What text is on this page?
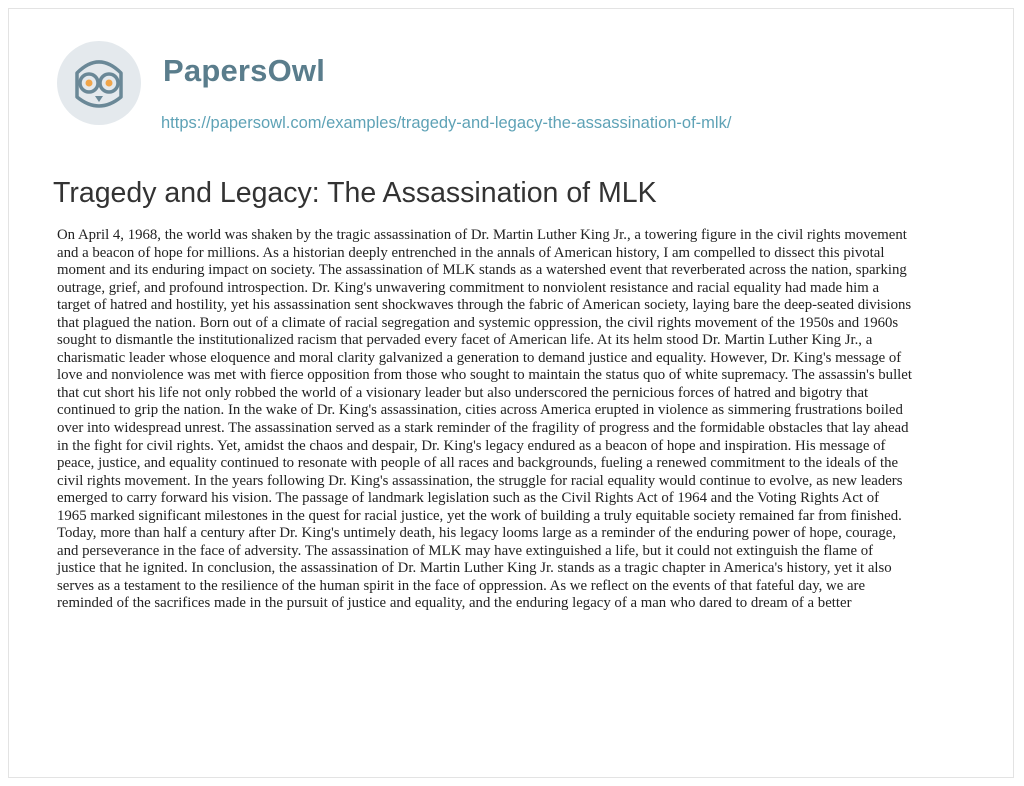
PapersOwl
https://papersowl.com/examples/tragedy-and-legacy-the-assassination-of-mlk/
Tragedy and Legacy: The Assassination of MLK
On April 4, 1968, the world was shaken by the tragic assassination of Dr. Martin Luther King Jr., a towering figure in the civil rights movement
and a beacon of hope for millions. As a historian deeply entrenched in the annals of American history, I am compelled to dissect this pivotal
moment and its enduring impact on society. The assassination of MLK stands as a watershed event that reverberated across the nation, sparking
outrage, grief, and profound introspection. Dr. King's unwavering commitment to nonviolent resistance and racial equality had made him a
target of hatred and hostility, yet his assassination sent shockwaves through the fabric of American society, laying bare the deep-seated divisions
that plagued the nation. Born out of a climate of racial segregation and systemic oppression, the civil rights movement of the 1950s and 1960s
sought to dismantle the institutionalized racism that pervaded every facet of American life. At its helm stood Dr. Martin Luther King Jr., a
charismatic leader whose eloquence and moral clarity galvanized a generation to demand justice and equality. However, Dr. King's message of
love and nonviolence was met with fierce opposition from those who sought to maintain the status quo of white supremacy. The assassin's bullet
that cut short his life not only robbed the world of a visionary leader but also underscored the pernicious forces of hatred and bigotry that
continued to grip the nation. In the wake of Dr. King's assassination, cities across America erupted in violence as simmering frustrations boiled
over into widespread unrest. The assassination served as a stark reminder of the fragility of progress and the formidable obstacles that lay ahead
in the fight for civil rights. Yet, amidst the chaos and despair, Dr. King's legacy endured as a beacon of hope and inspiration. His message of
peace, justice, and equality continued to resonate with people of all races and backgrounds, fueling a renewed commitment to the ideals of the
civil rights movement. In the years following Dr. King's assassination, the struggle for racial equality would continue to evolve, as new leaders
emerged to carry forward his vision. The passage of landmark legislation such as the Civil Rights Act of 1964 and the Voting Rights Act of
1965 marked significant milestones in the quest for racial justice, yet the work of building a truly equitable society remained far from finished.
Today, more than half a century after Dr. King's untimely death, his legacy looms large as a reminder of the enduring power of hope, courage,
and perseverance in the face of adversity. The assassination of MLK may have extinguished a life, but it could not extinguish the flame of
justice that he ignited. In conclusion, the assassination of Dr. Martin Luther King Jr. stands as a tragic chapter in America's history, yet it also
serves as a testament to the resilience of the human spirit in the face of oppression. As we reflect on the events of that fateful day, we are
reminded of the sacrifices made in the pursuit of justice and equality, and the enduring legacy of a man who dared to dream of a better
